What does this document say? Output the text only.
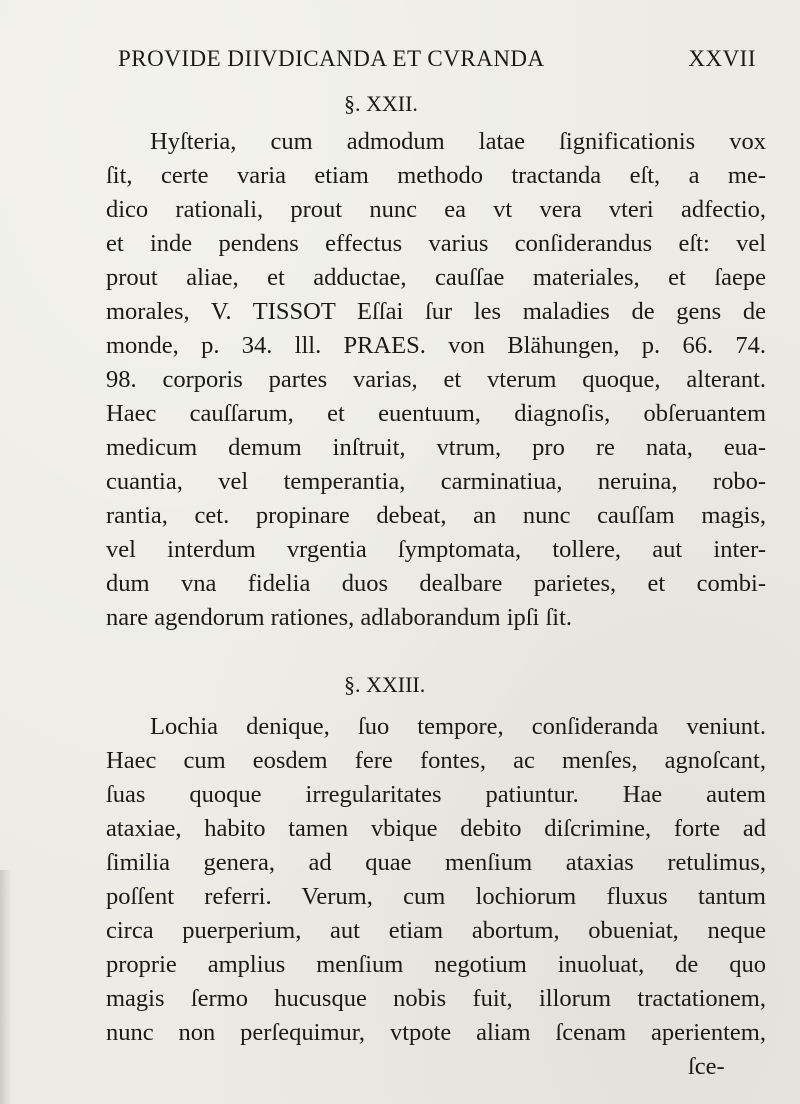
PROVIDE DIIVDICANDA ET CVRANDA	XXVII
§. XXII.
Hyſteria, cum admodum latae ſignificationis vox
ſit, certe varia etiam methodo tractanda eſt, a me-
dico rationali, prout nunc ea vt vera vteri adfectio,
et inde pendens effectus varius conſiderandus eſt: vel
prout aliae, et adductae, cauſſae materiales, et ſaepe
morales, V. TISSOT Eſſai ſur les maladies de gens de
monde, p. 34. lll. PRAES. von Blähungen, p. 66. 74.
98. corporis partes varias, et vterum quoque, alterant.
Haec cauſſarum, et euentuum, diagnoſis, obſeruantem
medicum demum inſtruit, vtrum, pro re nata, eua-
cuantia, vel temperantia, carminatiua, neruina, robo-
rantia, cet. propinare debeat, an nunc cauſſam magis,
vel interdum vrgentia ſymptomata, tollere, aut inter-
dum vna fidelia duos dealbare parietes, et combi-
nare agendorum rationes, adlaborandum ipſi ſit.
§. XXIII.
Lochia denique, ſuo tempore, conſideranda veniunt.
Haec cum eosdem fere fontes, ac menſes, agnoſcant,
ſuas quoque irregularitates patiuntur. Hae autem
ataxiae, habito tamen vbique debito diſcrimine, forte ad
ſimilia genera, ad quae menſium ataxias retulimus,
poſſent referri. Verum, cum lochiorum fluxus tantum
circa puerperium, aut etiam abortum, obueniat, neque
proprie amplius menſium negotium inuoluat, de quo
magis ſermo hucusque nobis fuit, illorum tractationem,
nunc non perſequimur, vtpote aliam ſcenam aperientem,
ſce-
